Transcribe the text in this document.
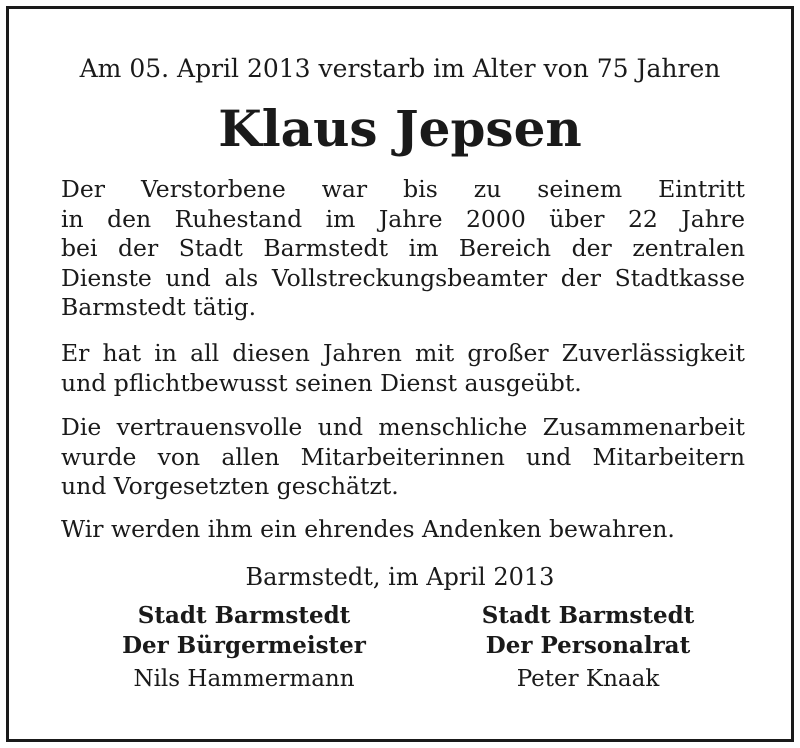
Am 05. April 2013 verstarb im Alter von 75 Jahren
Klaus Jepsen
Der Verstorbene war bis zu seinem Eintritt
in den Ruhestand im Jahre 2000 über 22 Jahre
bei der Stadt Barmstedt im Bereich der zentralen
Dienste und als Vollstreckungsbeamter der Stadtkasse
Barmstedt tätig.
Er hat in all diesen Jahren mit großer Zuverlässigkeit
und pflichtbewusst seinen Dienst ausgeübt.
Die vertrauensvolle und menschliche Zusammenarbeit
wurde von allen Mitarbeiterinnen und Mitarbeitern
und Vorgesetzten geschätzt.
Wir werden ihm ein ehrendes Andenken bewahren.
Barmstedt, im April 2013
Stadt Barmstedt
Der Bürgermeister
Nils Hammermann
Stadt Barmstedt
Der Personalrat
Peter Knaak
